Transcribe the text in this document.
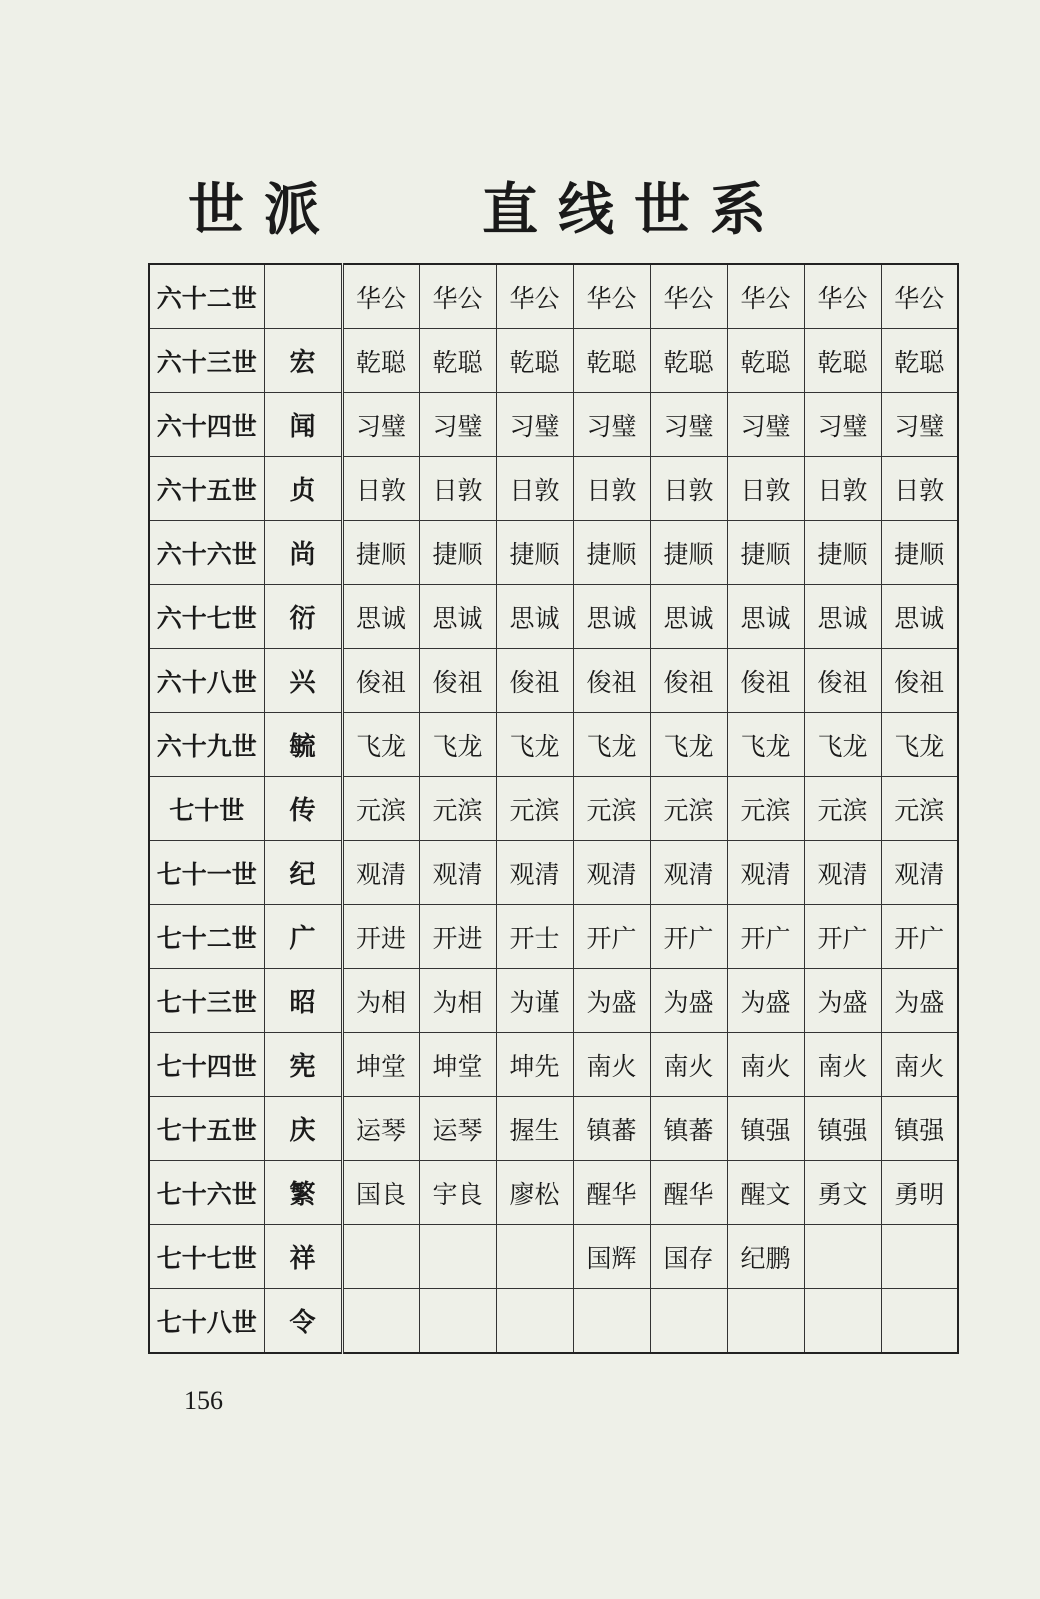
世派	直线世系
六十二世		华公	华公	华公	华公	华公	华公	华公	华公
六十三世	宏	乾聪	乾聪	乾聪	乾聪	乾聪	乾聪	乾聪	乾聪
六十四世	闻	习璧	习璧	习璧	习璧	习璧	习璧	习璧	习璧
六十五世	贞	日敦	日敦	日敦	日敦	日敦	日敦	日敦	日敦
六十六世	尚	捷顺	捷顺	捷顺	捷顺	捷顺	捷顺	捷顺	捷顺
六十七世	衍	思诚	思诚	思诚	思诚	思诚	思诚	思诚	思诚
六十八世	兴	俊祖	俊祖	俊祖	俊祖	俊祖	俊祖	俊祖	俊祖
六十九世	毓	飞龙	飞龙	飞龙	飞龙	飞龙	飞龙	飞龙	飞龙
七十世	传	元滨	元滨	元滨	元滨	元滨	元滨	元滨	元滨
七十一世	纪	观清	观清	观清	观清	观清	观清	观清	观清
七十二世	广	开进	开进	开士	开广	开广	开广	开广	开广
七十三世	昭	为相	为相	为谨	为盛	为盛	为盛	为盛	为盛
七十四世	宪	坤堂	坤堂	坤先	南火	南火	南火	南火	南火
七十五世	庆	运琴	运琴	握生	镇蕃	镇蕃	镇强	镇强	镇强
七十六世	繁	国良	宇良	廖松	醒华	醒华	醒文	勇文	勇明
七十七世	祥				国辉	国存	纪鹏		
七十八世	令								
156
